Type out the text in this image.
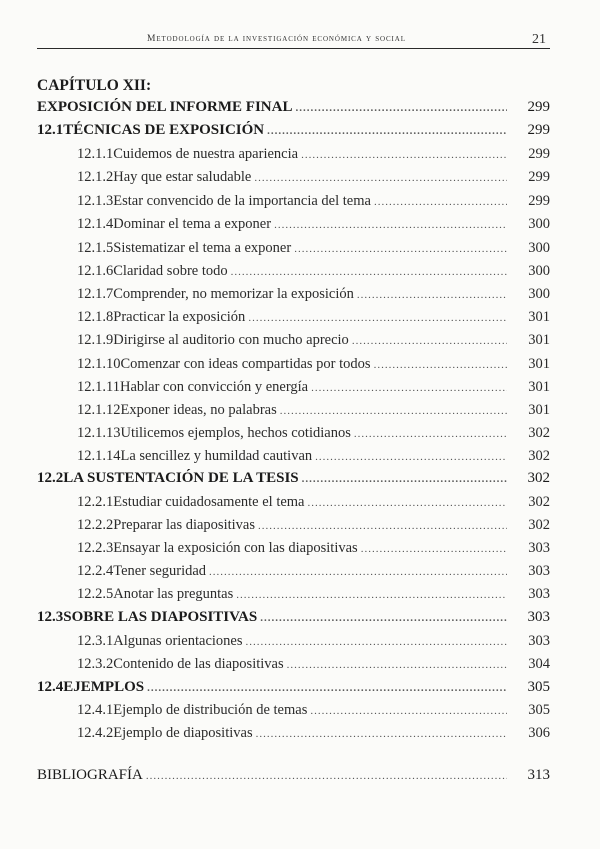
Metodología de la investigación económica y social	21
CAPÍTULO XII:
EXPOSICIÓN DEL INFORME FINAL .....	299
12.1 TÉCNICAS DE EXPOSICIÓN .....	299
12.1.1 Cuidemos de nuestra apariencia .....	299
12.1.2 Hay que estar saludable .....	299
12.1.3 Estar convencido de la importancia del tema .....	299
12.1.4 Dominar el tema a exponer .....	300
12.1.5 Sistematizar el tema a exponer .....	300
12.1.6 Claridad sobre todo .....	300
12.1.7 Comprender, no memorizar la exposición .....	300
12.1.8 Practicar la exposición .....	301
12.1.9 Dirigirse al auditorio con mucho aprecio .....	301
12.1.10 Comenzar con ideas compartidas por todos .....	301
12.1.11 Hablar con convicción y energía .....	301
12.1.12 Exponer ideas, no palabras .....	301
12.1.13 Utilicemos ejemplos, hechos cotidianos .....	302
12.1.14 La sencillez y humildad cautivan .....	302
12.2 LA SUSTENTACIÓN DE LA TESIS .....	302
12.2.1 Estudiar cuidadosamente el tema .....	302
12.2.2 Preparar las diapositivas .....	302
12.2.3 Ensayar la exposición con las diapositivas .....	303
12.2.4 Tener seguridad .....	303
12.2.5 Anotar las preguntas .....	303
12.3 SOBRE LAS DIAPOSITIVAS .....	303
12.3.1 Algunas orientaciones .....	303
12.3.2 Contenido de las diapositivas .....	304
12.4 EJEMPLOS .....	305
12.4.1 Ejemplo de distribución de temas .....	305
12.4.2 Ejemplo de diapositivas .....	306
BIBLIOGRAFÍA .....	313
